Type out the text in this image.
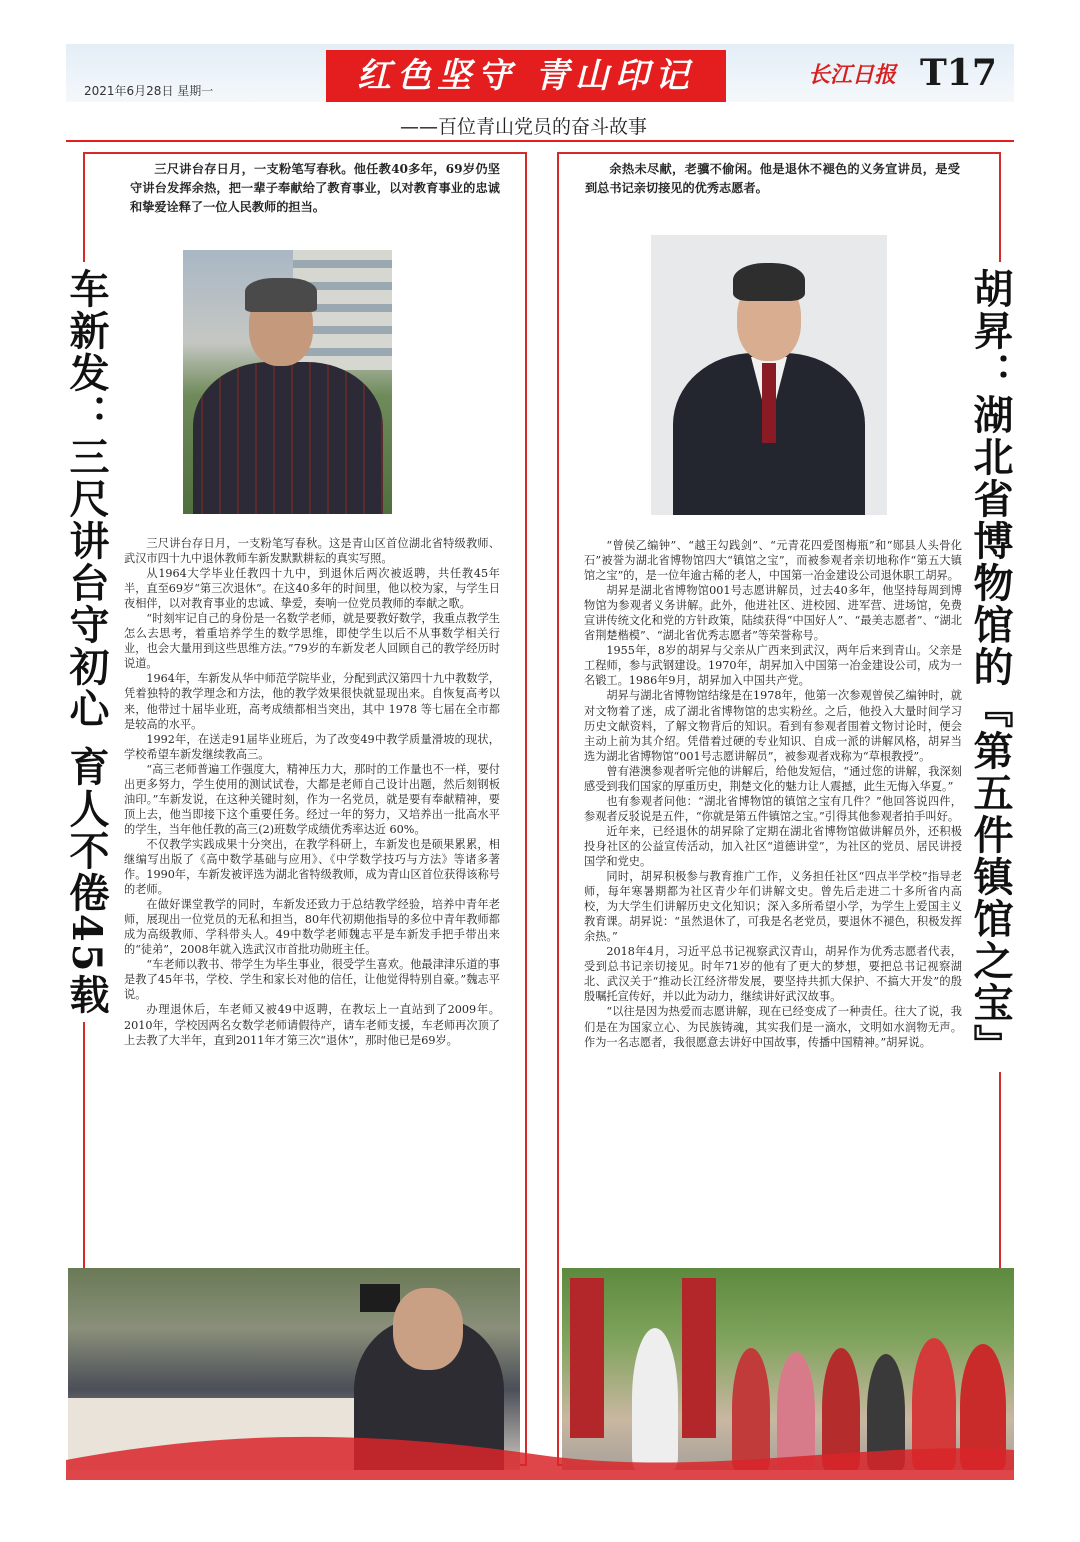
2021年6月28日 星期一	红色坚守 青山印记	长江日报 T17
——百位青山党员的奋斗故事
车新发：三尺讲台守初心 育人不倦45载
三尺讲台存日月，一支粉笔写春秋。他任教40多年，69岁仍坚守讲台发挥余热，把一辈子奉献给了教育事业，以对教育事业的忠诚和挚爱诠释了一位人民教师的担当。

三尺讲台存日月，一支粉笔写春秋。这是青山区首位湖北省特级教师、武汉市四十九中退休教师车新发默默耕耘的真实写照。

从1964大学毕业任教四十九中，到退休后两次被返聘，共任教45年半，直至69岁“第三次退休”。在这40多年的时间里，他以校为家，与学生日夜相伴，以对教育事业的忠诚、挚爱，奏响一位党员教师的奉献之歌。

“时刻牢记自己的身份是一名数学老师，就是要教好数学，我重点教学生怎么去思考，着重培养学生的数学思维，即使学生以后不从事数学相关行业，也会大量用到这些思维方法。”79岁的车新发老人回顾自己的教学经历时说道。

1964年，车新发从华中师范学院毕业，分配到武汉第四十九中教数学，凭着独特的教学理念和方法，他的教学效果很快就显现出来。自恢复高考以来，他带过十届毕业班，高考成绩都相当突出，其中 1978 等七届在全市都是较高的水平。

1992年，在送走91届毕业班后，为了改变49中教学质量滑坡的现状，学校希望车新发继续教高三。

“高三老师普遍工作强度大，精神压力大，那时的工作量也不一样，要付出更多努力，学生使用的测试试卷，大都是老师自己设计出题，然后刻钢板油印。”车新发说，在这种关键时刻，作为一名党员，就是要有奉献精神，要顶上去，他当即接下这个重要任务。经过一年的努力，又培养出一批高水平的学生，当年他任教的高三(2)班数学成绩优秀率达近 60%。

不仅教学实践成果十分突出，在教学科研上，车新发也是硕果累累，相继编写出版了《高中数学基础与应用》、《中学数学技巧与方法》等诸多著作。1990年，车新发被评选为湖北省特级教师，成为青山区首位获得该称号的老师。

在做好课堂教学的同时，车新发还致力于总结教学经验，培养中青年老师，展现出一位党员的无私和担当，80年代初期他指导的多位中青年教师都成为高级教师、学科带头人。49中数学老师魏志平是车新发手把手带出来的“徒弟”，2008年就入选武汉市首批功勋班主任。

“车老师以教书、带学生为毕生事业，很受学生喜欢。他最津津乐道的事是教了45年书，学校、学生和家长对他的信任，让他觉得特别自豪。”魏志平说。

办理退休后，车老师又被49中返聘，在教坛上一直站到了2009年。2010年，学校因两名女数学老师请假待产，请车老师支援，车老师再次顶了上去教了大半年，直到2011年才第三次“退休”，那时他已是69岁。	胡昇：湖北省博物馆的『第五件镇馆之宝』
余热未尽献，老骥不偷闲。他是退休不褪色的义务宣讲员，是受到总书记亲切接见的优秀志愿者。

“曾侯乙编钟”、“越王勾践剑”、“元青花四爱图梅瓶”和“郧县人头骨化石”被誉为湖北省博物馆四大“镇馆之宝”，而被参观者亲切地称作“第五大镇馆之宝”的，是一位年逾古稀的老人，中国第一冶金建设公司退休职工胡昇。

胡昇是湖北省博物馆001号志愿讲解员，过去40多年，他坚持每周到博物馆为参观者义务讲解。此外，他进社区、进校园、进军营、进场馆，免费宣讲传统文化和党的方针政策，陆续获得“中国好人”、“最美志愿者”、“湖北省荆楚楷模”、“湖北省优秀志愿者”等荣誉称号。

1955年，8岁的胡昇与父亲从广西来到武汉，两年后来到青山。父亲是工程师，参与武钢建设。1970年，胡昇加入中国第一冶金建设公司，成为一名锻工。1986年9月，胡昇加入中国共产党。

胡昇与湖北省博物馆结缘是在1978年，他第一次参观曾侯乙编钟时，就对文物着了迷，成了湖北省博物馆的忠实粉丝。之后，他投入大量时间学习历史文献资料，了解文物背后的知识。看到有参观者围着文物讨论时，便会主动上前为其介绍。凭借着过硬的专业知识、自成一派的讲解风格，胡昇当选为湖北省博物馆“001号志愿讲解员”，被参观者戏称为“草根教授”。

曾有港澳参观者听完他的讲解后，给他发短信，“通过您的讲解，我深刻感受到我们国家的厚重历史，荆楚文化的魅力让人震撼，此生无悔入华夏。”

也有参观者问他：“湖北省博物馆的镇馆之宝有几件？”他回答说四件，参观者反驳说是五件，“你就是第五件镇馆之宝。”引得其他参观者拍手叫好。

近年来，已经退休的胡昇除了定期在湖北省博物馆做讲解员外，还积极投身社区的公益宣传活动，加入社区“道德讲堂”，为社区的党员、居民讲授国学和党史。

同时，胡昇积极参与教育推广工作，义务担任社区“四点半学校”指导老师，每年寒暑期都为社区青少年们讲解文史。曾先后走进二十多所省内高校，为大学生们讲解历史文化知识；深入多所希望小学，为学生上爱国主义教育课。胡昇说：“虽然退休了，可我是名老党员，要退休不褪色，积极发挥余热。”

2018年4月，习近平总书记视察武汉青山，胡昇作为优秀志愿者代表，受到总书记亲切接见。时年71岁的他有了更大的梦想，要把总书记视察湖北、武汉关于“推动长江经济带发展，要坚持共抓大保护、不搞大开发”的殷殷嘱托宣传好，并以此为动力，继续讲好武汉故事。

“以往是因为热爱而志愿讲解，现在已经变成了一种责任。往大了说，我们是在为国家立心、为民族铸魂，其实我们是一滴水，文明如水润物无声。作为一名志愿者，我很愿意去讲好中国故事，传播中国精神。”胡昇说。
